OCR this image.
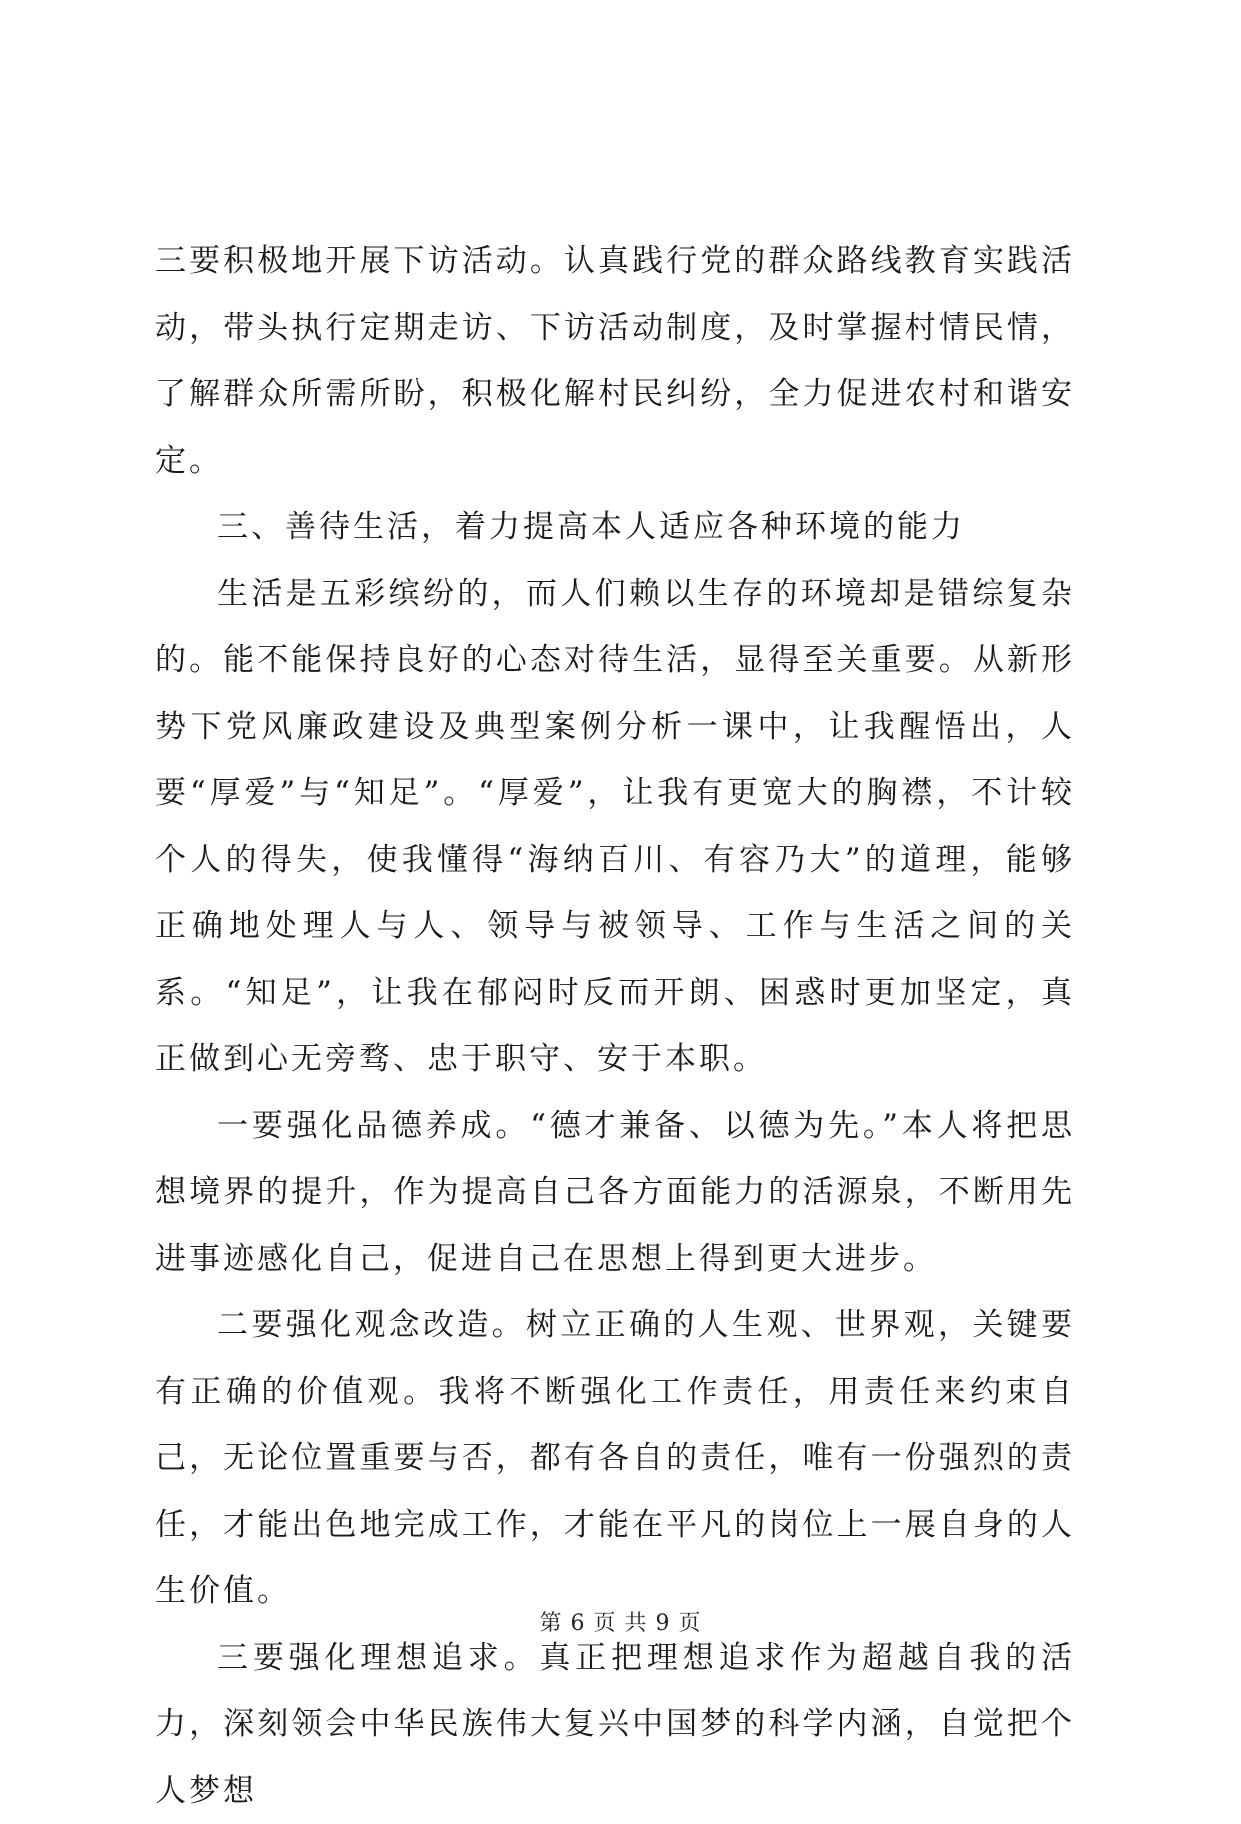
三要积极地开展下访活动。认真践行党的群众路线教育实践活动，带头执行定期走访、下访活动制度，及时掌握村情民情，了解群众所需所盼，积极化解村民纠纷，全力促进农村和谐安定。

三、善待生活，着力提高本人适应各种环境的能力

生活是五彩缤纷的，而人们赖以生存的环境却是错综复杂的。能不能保持良好的心态对待生活，显得至关重要。从新形势下党风廉政建设及典型案例分析一课中，让我醒悟出，人要“厚爱”与“知足”。“厚爱”，让我有更宽大的胸襟，不计较个人的得失，使我懂得“海纳百川、有容乃大”的道理，能够正确地处理人与人、领导与被领导、工作与生活之间的关系。“知足”，让我在郁闷时反而开朗、困惑时更加坚定，真正做到心无旁骛、忠于职守、安于本职。

一要强化品德养成。“德才兼备、以德为先。”本人将把思想境界的提升，作为提高自己各方面能力的活源泉，不断用先进事迹感化自己，促进自己在思想上得到更大进步。

二要强化观念改造。树立正确的人生观、世界观，关键要有正确的价值观。我将不断强化工作责任，用责任来约束自己，无论位置重要与否，都有各自的责任，唯有一份强烈的责任，才能出色地完成工作，才能在平凡的岗位上一展自身的人生价值。

三要强化理想追求。真正把理想追求作为超越自我的活力，深刻领会中华民族伟大复兴中国梦的科学内涵，自觉把个人梦想

第 6 页 共 9 页
